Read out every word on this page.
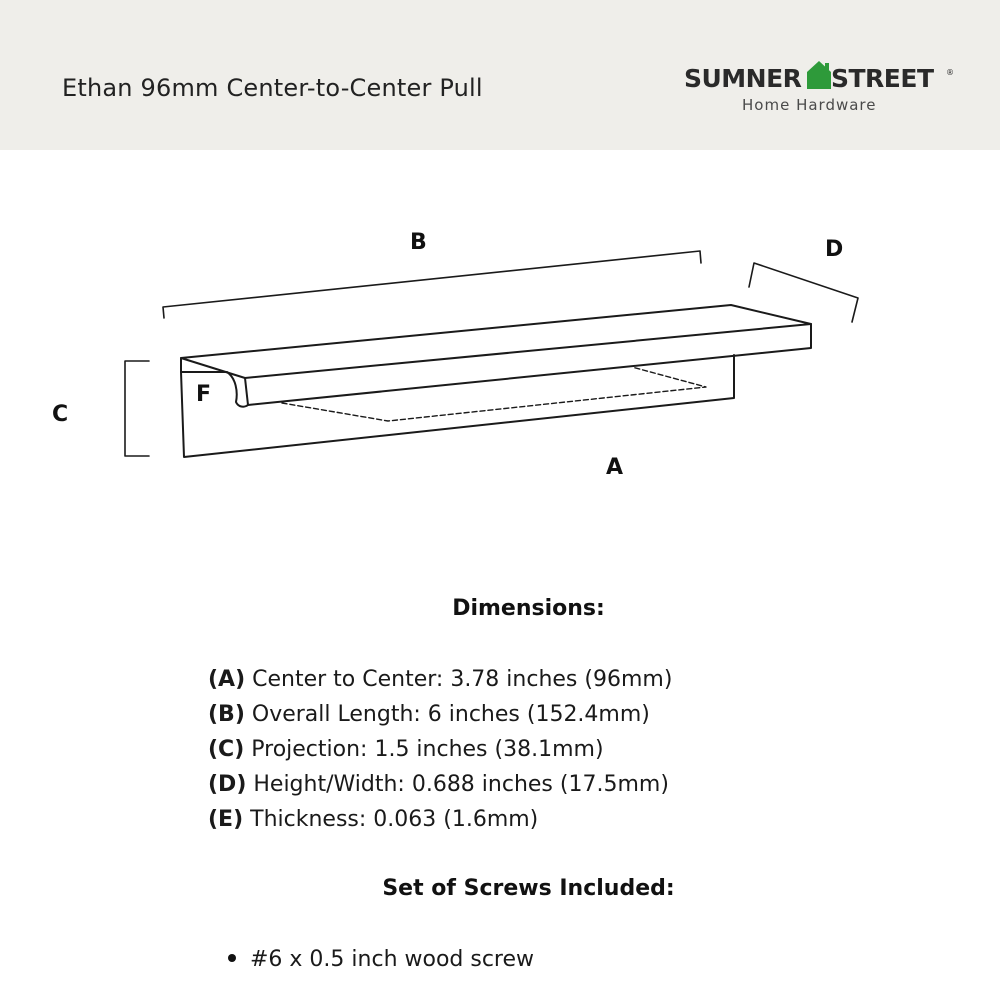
Ethan 96mm Center-to-Center Pull	SUMNER STREET ®
Home Hardware
B	D
C
F
A
Dimensions:
(A) Center to Center: 3.78 inches (96mm)
(B) Overall Length: 6 inches (152.4mm)
(C) Projection: 1.5 inches (38.1mm)
(D) Height/Width: 0.688 inches (17.5mm)
(E) Thickness: 0.063 (1.6mm)
Set of Screws Included:
#6 x 0.5 inch wood screw
